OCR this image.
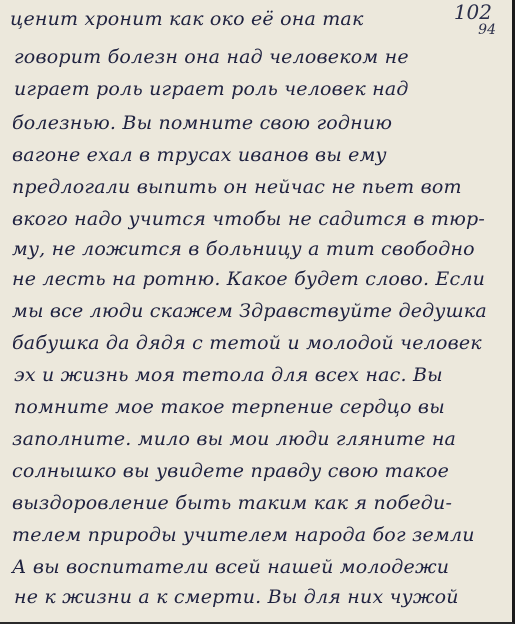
102
94
ценит хронит как око её она так
говорит болезн она над человеком не
играет роль играет роль человек над
болезнью. Вы помните свою годнию
вагоне ехал в трусах иванов вы ему
предлогали выпить он нейчас не пьет вот
вкого надо учится чтобы не садится в тюр-
му, не ложится в больницу а тит свободно
не лесть на ротню. Какое будет слово. Если
мы все люди скажем Здравствуйте дедушка
бабушка да дядя с тетой и молодой человек
эх и жизнь моя тетола для всех нас. Вы
помните мое такое терпение сердцо вы
заполните. мило вы мои люди гляните на
солнышко вы увидете правду свою такое
выздоровление быть таким как я победи-
телем природы учителем народа бог земли
А вы воспитатели всей нашей молодежи
не к жизни а к смерти. Вы для них чужой
